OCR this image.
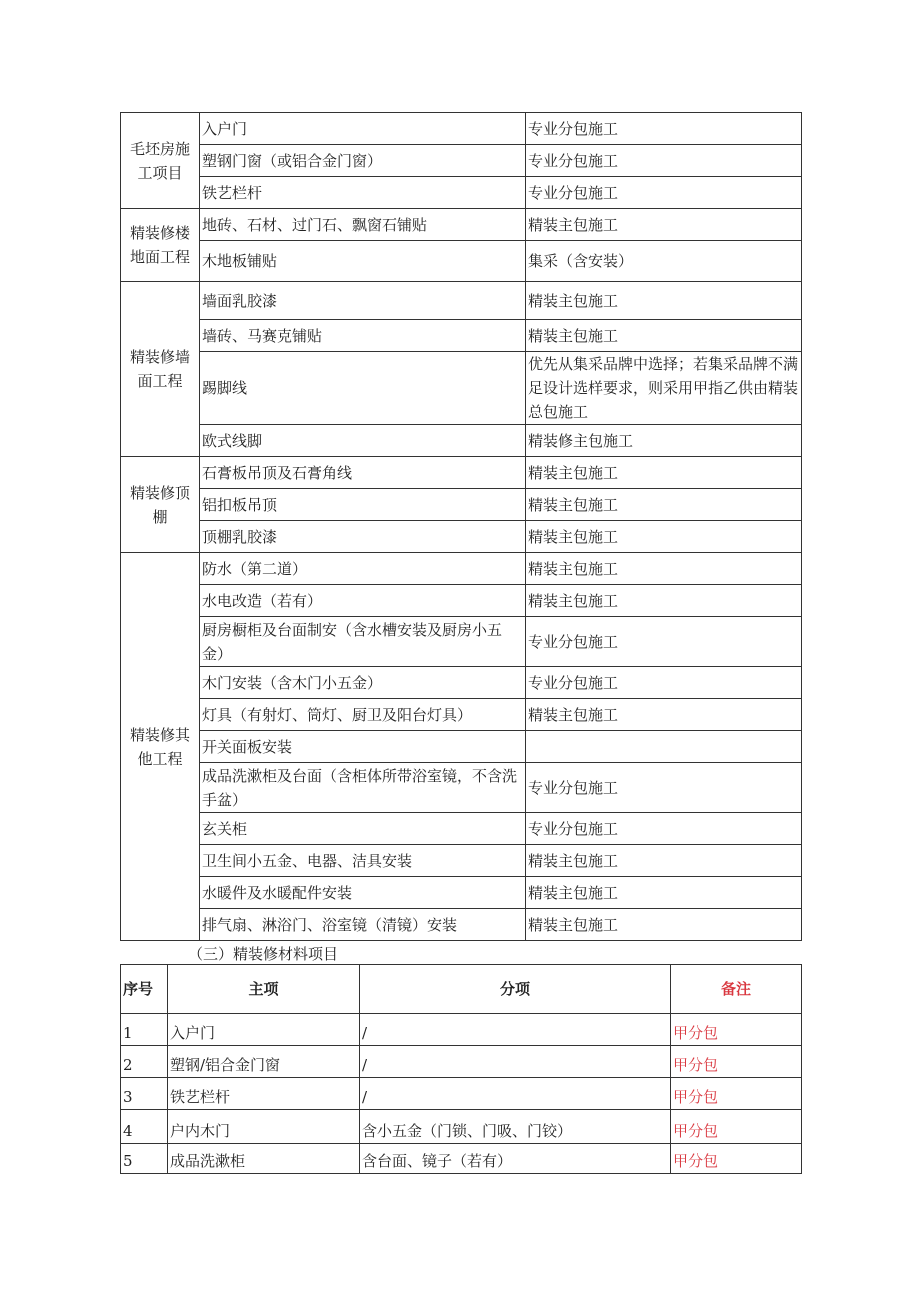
毛坯房施工项目	入户门	专业分包施工
	塑钢门窗（或铝合金门窗）	专业分包施工
	铁艺栏杆	专业分包施工
精装修楼地面工程	地砖、石材、过门石、飘窗石铺贴	精装主包施工
	木地板铺贴	集采（含安装）
精装修墙面工程	墙面乳胶漆	精装主包施工
	墙砖、马赛克铺贴	精装主包施工
	踢脚线	优先从集采品牌中选择；若集采品牌不满足设计选样要求，则采用甲指乙供由精装总包施工
	欧式线脚	精装修主包施工
精装修顶棚	石膏板吊顶及石膏角线	精装主包施工
	铝扣板吊顶	精装主包施工
	顶棚乳胶漆	精装主包施工
精装修其他工程	防水（第二道）	精装主包施工
	水电改造（若有）	精装主包施工
	厨房橱柜及台面制安（含水槽安装及厨房小五金）	专业分包施工
	木门安装（含木门小五金）	专业分包施工
	灯具（有射灯、筒灯、厨卫及阳台灯具）	精装主包施工
	开关面板安装	
	成品洗漱柜及台面（含柜体所带浴室镜，不含洗手盆）	专业分包施工
	玄关柜	专业分包施工
	卫生间小五金、电器、洁具安装	精装主包施工
	水暖件及水暖配件安装	精装主包施工
	排气扇、淋浴门、浴室镜（清镜）安装	精装主包施工
（三）精装修材料项目
序号	主项	分项	备注
1	入户门	/	甲分包
2	塑钢/铝合金门窗	/	甲分包
3	铁艺栏杆	/	甲分包
4	户内木门	含小五金（门锁、门吸、门铰）	甲分包
5	成品洗漱柜	含台面、镜子（若有）	甲分包
